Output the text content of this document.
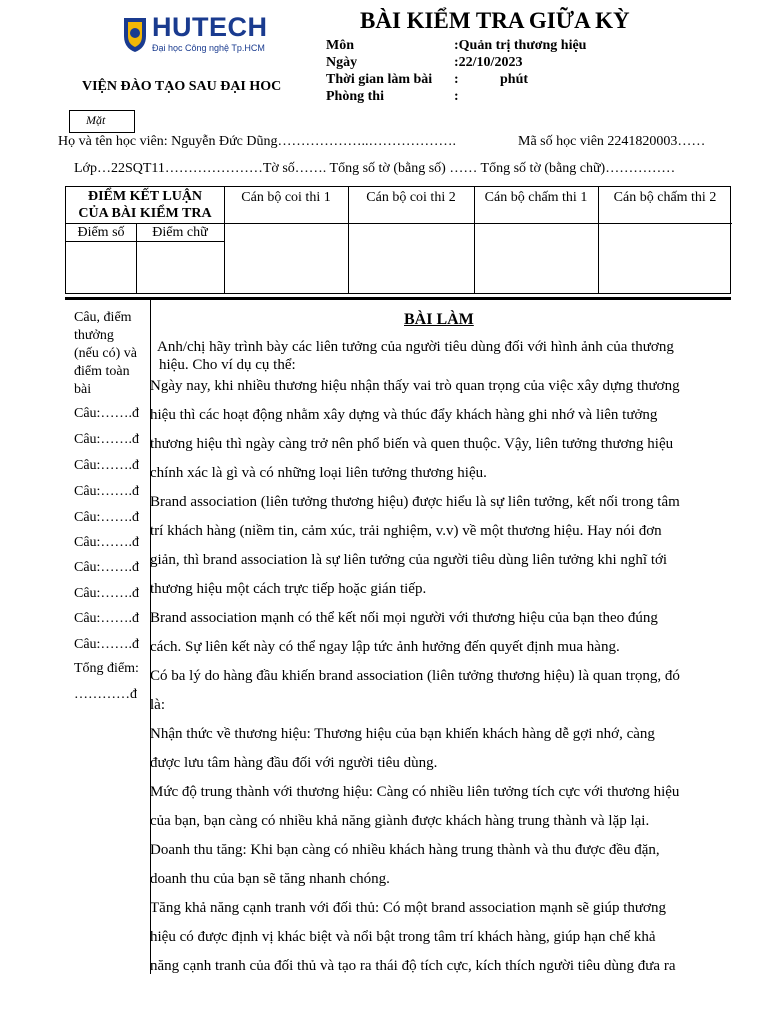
HUTECH
Đại học Công nghệ Tp.HCM
BÀI KIỂM TRA GIỮA KỲ
Môn	:Quản trị thương hiệu
Ngày	:22/10/2023
Thời gian làm bài	:	phút
Phòng thi	:
VIỆN ĐÀO TẠO SAU ĐẠI HOC
Mặt
Họ và tên học viên: Nguyễn Đức Dũng………………..……………….	Mã số học viên 2241820003……
Lớp…22SQT11…………………Tờ số……. Tổng số tờ (bằng số) …… Tổng số tờ (bằng chữ)……………
ĐIỂM KẾT LUẬN
CỦA BÀI KIỂM TRA
Điểm số	Điểm chữ
Cán bộ coi thi 1	Cán bộ coi thi 2	Cán bộ chấm thi 1	Cán bộ chấm thi 2
Câu, điểm
thưởng
(nếu có) và
điểm toàn
bài
Câu:…….đ
Câu:…….đ
Câu:…….đ
Câu:…….đ
Câu:…….đ
Câu:…….đ
Câu:…….đ
Câu:…….đ
Câu:…….đ
Câu:…….đ
Tổng điểm:
…………đ
BÀI LÀM
Anh/chị hãy trình bày các liên tưởng của người tiêu dùng đối với hình ảnh của thương
hiệu. Cho ví dụ cụ thể:
Ngày nay, khi nhiều thương hiệu nhận thấy vai trò quan trọng của việc xây dựng thương
hiệu thì các hoạt động nhằm xây dựng và thúc đẩy khách hàng ghi nhớ và liên tưởng
thương hiệu thì ngày càng trở nên phổ biến và quen thuộc. Vậy, liên tưởng thương hiệu
chính xác là gì và có những loại liên tưởng thương hiệu.
Brand association (liên tưởng thương hiệu) được hiểu là sự liên tưởng, kết nối trong tâm
trí khách hàng (niềm tin, cảm xúc, trải nghiệm, v.v) về một thương hiệu. Hay nói đơn
giản, thì brand association là sự liên tưởng của người tiêu dùng liên tưởng khi nghĩ tới
thương hiệu một cách trực tiếp hoặc gián tiếp.
Brand association mạnh có thể kết nối mọi người với thương hiệu của bạn theo đúng
cách. Sự liên kết này có thể ngay lập tức ảnh hưởng đến quyết định mua hàng.
Có ba lý do hàng đầu khiến brand association (liên tưởng thương hiệu) là quan trọng, đó
là:
Nhận thức về thương hiệu: Thương hiệu của bạn khiến khách hàng dễ gợi nhớ, càng
được lưu tâm hàng đầu đối với người tiêu dùng.
Mức độ trung thành với thương hiệu: Càng có nhiều liên tưởng tích cực với thương hiệu
của bạn, bạn càng có nhiều khả năng giành được khách hàng trung thành và lặp lại.
Doanh thu tăng: Khi bạn càng có nhiều khách hàng trung thành và thu được đều đặn,
doanh thu của bạn sẽ tăng nhanh chóng.
Tăng khả năng cạnh tranh với đối thủ: Có một brand association mạnh sẽ giúp thương
hiệu có được định vị khác biệt và nổi bật trong tâm trí khách hàng, giúp hạn chế khả
năng cạnh tranh của đối thủ và tạo ra thái độ tích cực, kích thích người tiêu dùng đưa ra
